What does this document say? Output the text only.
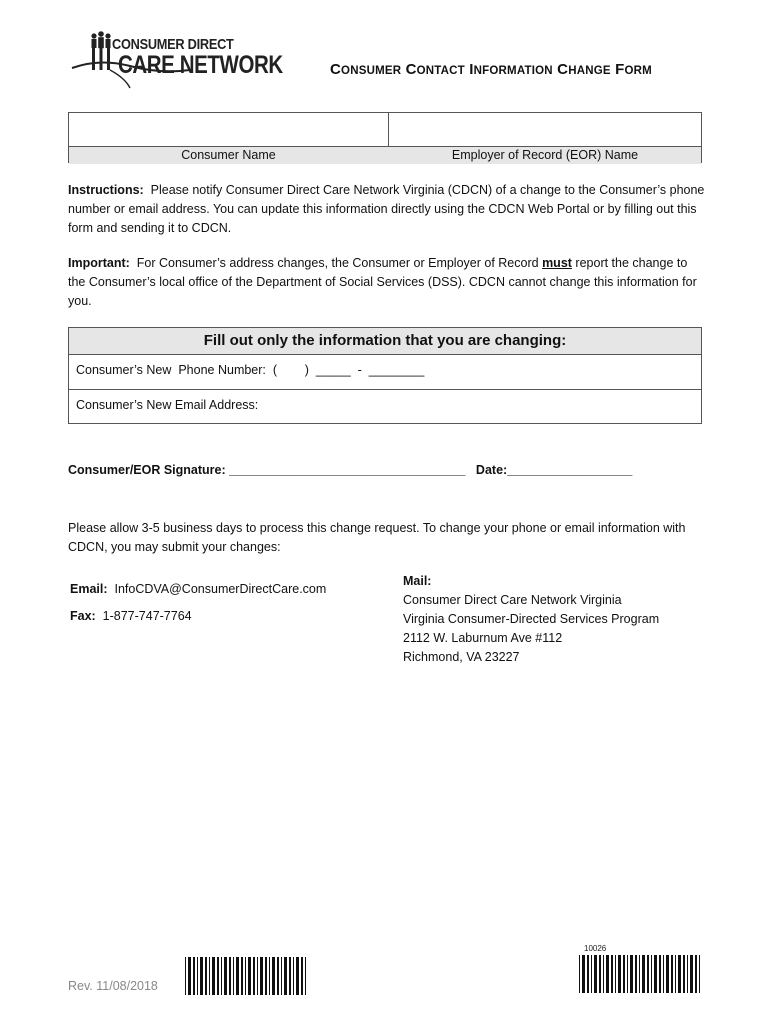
CONSUMER DIRECT
CARE NETWORK	CONSUMER CONTACT INFORMATION CHANGE FORM
Consumer Name	Employer of Record (EOR) Name
Instructions: Please notify Consumer Direct Care Network Virginia (CDCN) of a change to the Consumer’s phone number or email address. You can update this information directly using the CDCN Web Portal or by filling out this form and sending it to CDCN.
Important: For Consumer’s address changes, the Consumer or Employer of Record must report the change to the Consumer’s local office of the Department of Social Services (DSS). CDCN cannot change this information for you.
Fill out only the information that you are changing:
Consumer’s New  Phone Number:  (        )  _____  -  ________
Consumer’s New Email Address:
Consumer/EOR Signature: __________________________________ Date:__________________
Please allow 3-5 business days to process this change request. To change your phone or email information with CDCN, you may submit your changes:
Email: InfoCDVA@ConsumerDirectCare.com
Fax: 1-877-747-7764
Mail:
Consumer Direct Care Network Virginia
Virginia Consumer-Directed Services Program
2112 W. Laburnum Ave #112
Richmond, VA 23227
Rev. 11/08/2018
10026
